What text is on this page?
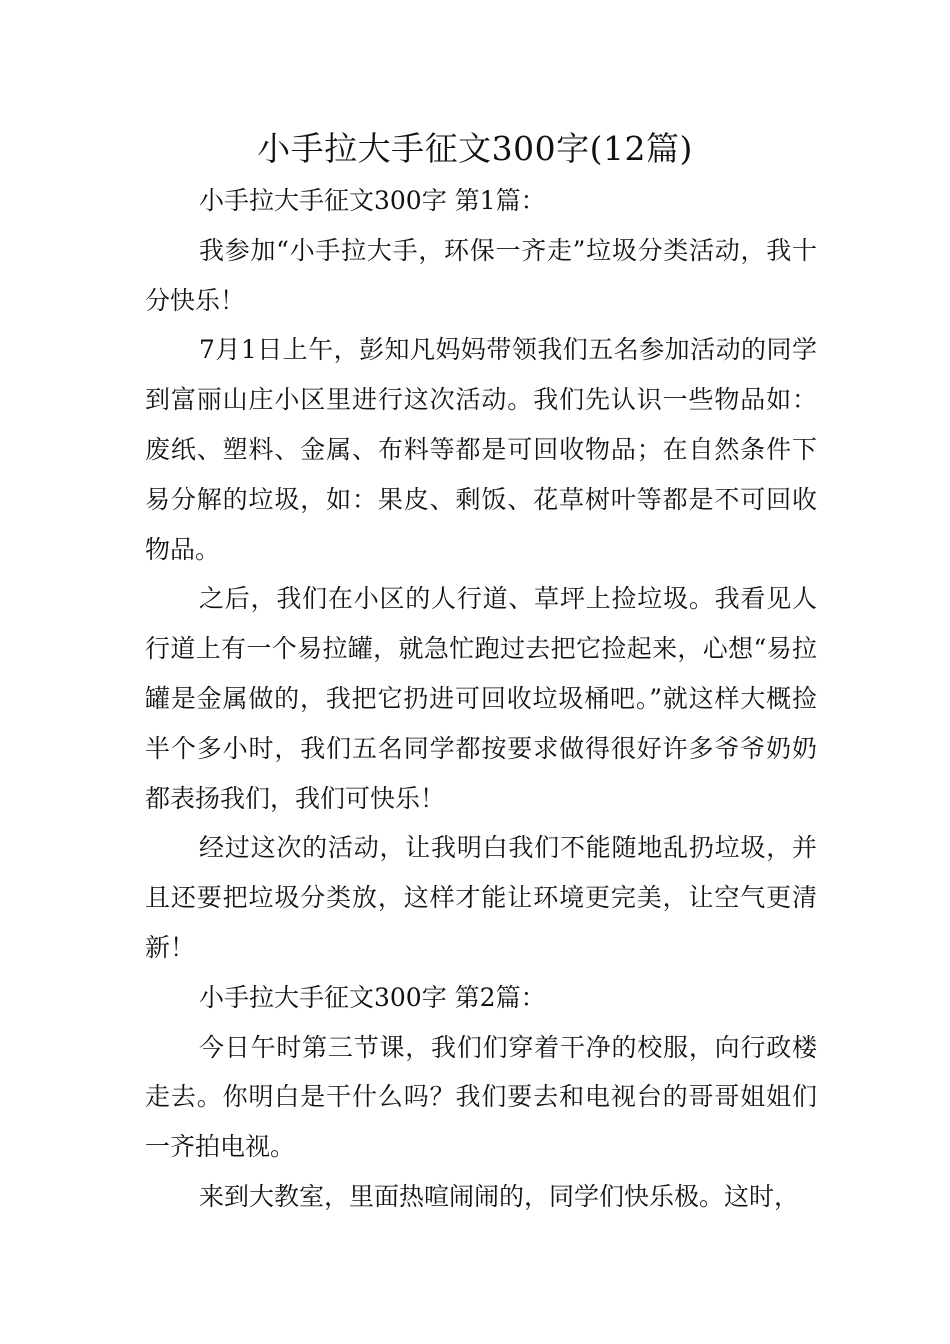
小手拉大手征文300字(12篇)

小手拉大手征文300字 第1篇：

我参加“小手拉大手，环保一齐走”垃圾分类活动，我十分快乐！

7月1日上午，彭知凡妈妈带领我们五名参加活动的同学到富丽山庄小区里进行这次活动。我们先认识一些物品如：废纸、塑料、金属、布料等都是可回收物品；在自然条件下易分解的垃圾，如：果皮、剩饭、花草树叶等都是不可回收物品。

之后，我们在小区的人行道、草坪上捡垃圾。我看见人行道上有一个易拉罐，就急忙跑过去把它捡起来，心想“易拉罐是金属做的，我把它扔进可回收垃圾桶吧。”就这样大概捡半个多小时，我们五名同学都按要求做得很好许多爷爷奶奶都表扬我们，我们可快乐！

经过这次的活动，让我明白我们不能随地乱扔垃圾，并且还要把垃圾分类放，这样才能让环境更完美，让空气更清新！

小手拉大手征文300字 第2篇：

今日午时第三节课，我们们穿着干净的校服，向行政楼走去。你明白是干什么吗？我们要去和电视台的哥哥姐姐们一齐拍电视。

来到大教室，里面热喧闹闹的，同学们快乐极。这时，
